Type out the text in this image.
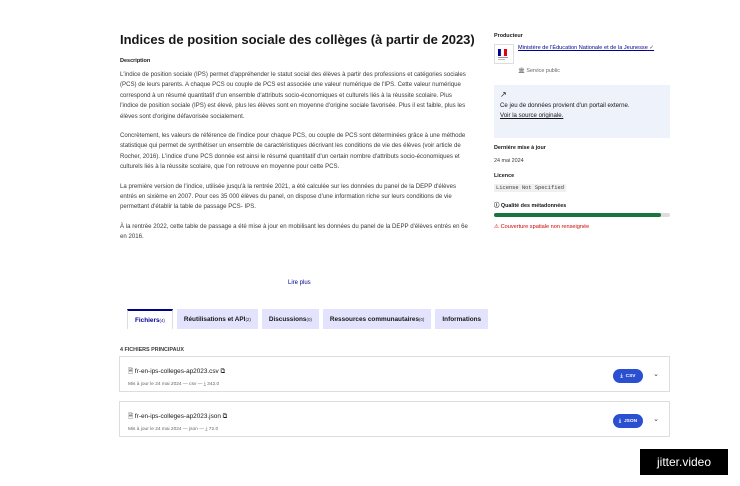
Indices de position sociale des collèges (à partir de 2023)
Description

L'indice de position sociale (IPS) permet d'appréhender le statut social des élèves à partir des professions et catégories sociales (PCS) de leurs parents. A chaque PCS ou couple de PCS est associée une valeur numérique de l'IPS. Cette valeur numérique correspond à un résumé quantitatif d'un ensemble d'attributs socio-économiques et culturels liés à la réussite scolaire. Plus l'indice de position sociale (IPS) est élevé, plus les élèves sont en moyenne d'origine sociale favorisée. Plus il est faible, plus les élèves sont d'origine défavorisée socialement.

Concrètement, les valeurs de référence de l'indice pour chaque PCS, ou couple de PCS sont déterminées grâce à une méthode statistique qui permet de synthétiser un ensemble de caractéristiques décrivant les conditions de vie des élèves (voir article de Rocher, 2016). L'indice d'une PCS donnée est ainsi le résumé quantitatif d'un certain nombre d'attributs socio-économiques et culturels liés à la réussite scolaire, que l'on retrouve en moyenne pour cette PCS.

La première version de l'indice, utilisée jusqu'à la rentrée 2021, a été calculée sur les données du panel de la DEPP d'élèves entrés en sixième en 2007. Pour ces 35 000 élèves du panel, on dispose d'une information riche sur leurs conditions de vie permettant d'établir la table de passage PCS- IPS.

À la rentrée 2022, cette table de passage a été mise à jour en mobilisant les données du panel de la DEPP d'élèves entrés en 6e en 2016.

Lire plus
Producteur
Ministère de l'Éducation Nationale et de la Jeunesse ✓
🏛 Service public
↗
Ce jeu de données provient d'un portail externe.
Voir la source originale.
Dernière mise à jour
24 mai 2024
Licence
License Not Specified
ⓘ Qualité des métadonnées
⚠ Couverture spatiale non renseignée
Fichiers (4)	Réutilisations et API (2)	Discussions (0)	Ressources communautaires (0)	Informations
4 FICHIERS PRINCIPAUX
🗎 fr-en-ips-colleges-ap2023.csv ⧉
Mis à jour le 24 mai 2024 — csv — ⤓ 342.0
⤓ CSV	⌄
🗎 fr-en-ips-colleges-ap2023.json ⧉
Mis à jour le 24 mai 2024 — json — ⤓ 72.0
⤓ JSON ⌄
jitter.video
